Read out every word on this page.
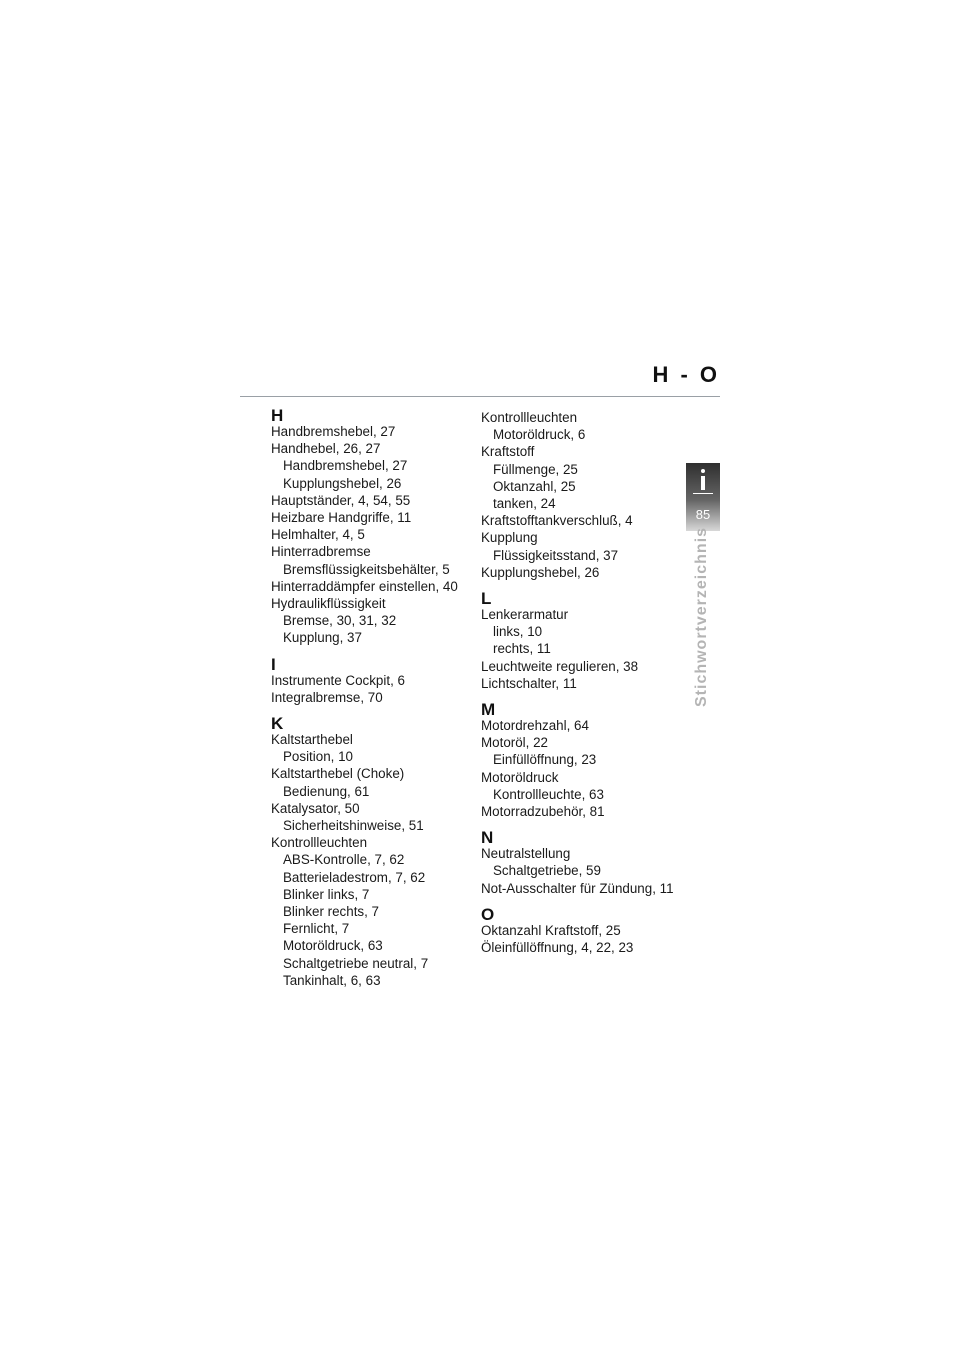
H - O
85
Stichwortverzeichnis
H
Handbremshebel, 27
Handhebel, 26, 27
Handbremshebel, 27
Kupplungshebel, 26
Hauptständer, 4, 54, 55
Heizbare Handgriffe, 11
Helmhalter, 4, 5
Hinterradbremse
Bremsflüssigkeitsbehälter, 5
Hinterraddämpfer einstellen, 40
Hydraulikflüssigkeit
Bremse, 30, 31, 32
Kupplung, 37
I
Instrumente Cockpit, 6
Integralbremse, 70
K
Kaltstarthebel
Position, 10
Kaltstarthebel (Choke)
Bedienung, 61
Katalysator, 50
Sicherheitshinweise, 51
Kontrollleuchten
ABS-Kontrolle, 7, 62
Batterieladestrom, 7, 62
Blinker links, 7
Blinker rechts, 7
Fernlicht, 7
Motoröldruck, 63
Schaltgetriebe neutral, 7
Tankinhalt, 6, 63
Kontrollleuchten
Motoröldruck, 6
Kraftstoff
Füllmenge, 25
Oktanzahl, 25
tanken, 24
Kraftstofftankverschluß, 4
Kupplung
Flüssigkeitsstand, 37
Kupplungshebel, 26
L
Lenkerarmatur
links, 10
rechts, 11
Leuchtweite regulieren, 38
Lichtschalter, 11
M
Motordrehzahl, 64
Motoröl, 22
Einfüllöffnung, 23
Motoröldruck
Kontrollleuchte, 63
Motorradzubehör, 81
N
Neutralstellung
Schaltgetriebe, 59
Not-Ausschalter für Zündung, 11
O
Oktanzahl Kraftstoff, 25
Öleinfüllöffnung, 4, 22, 23
